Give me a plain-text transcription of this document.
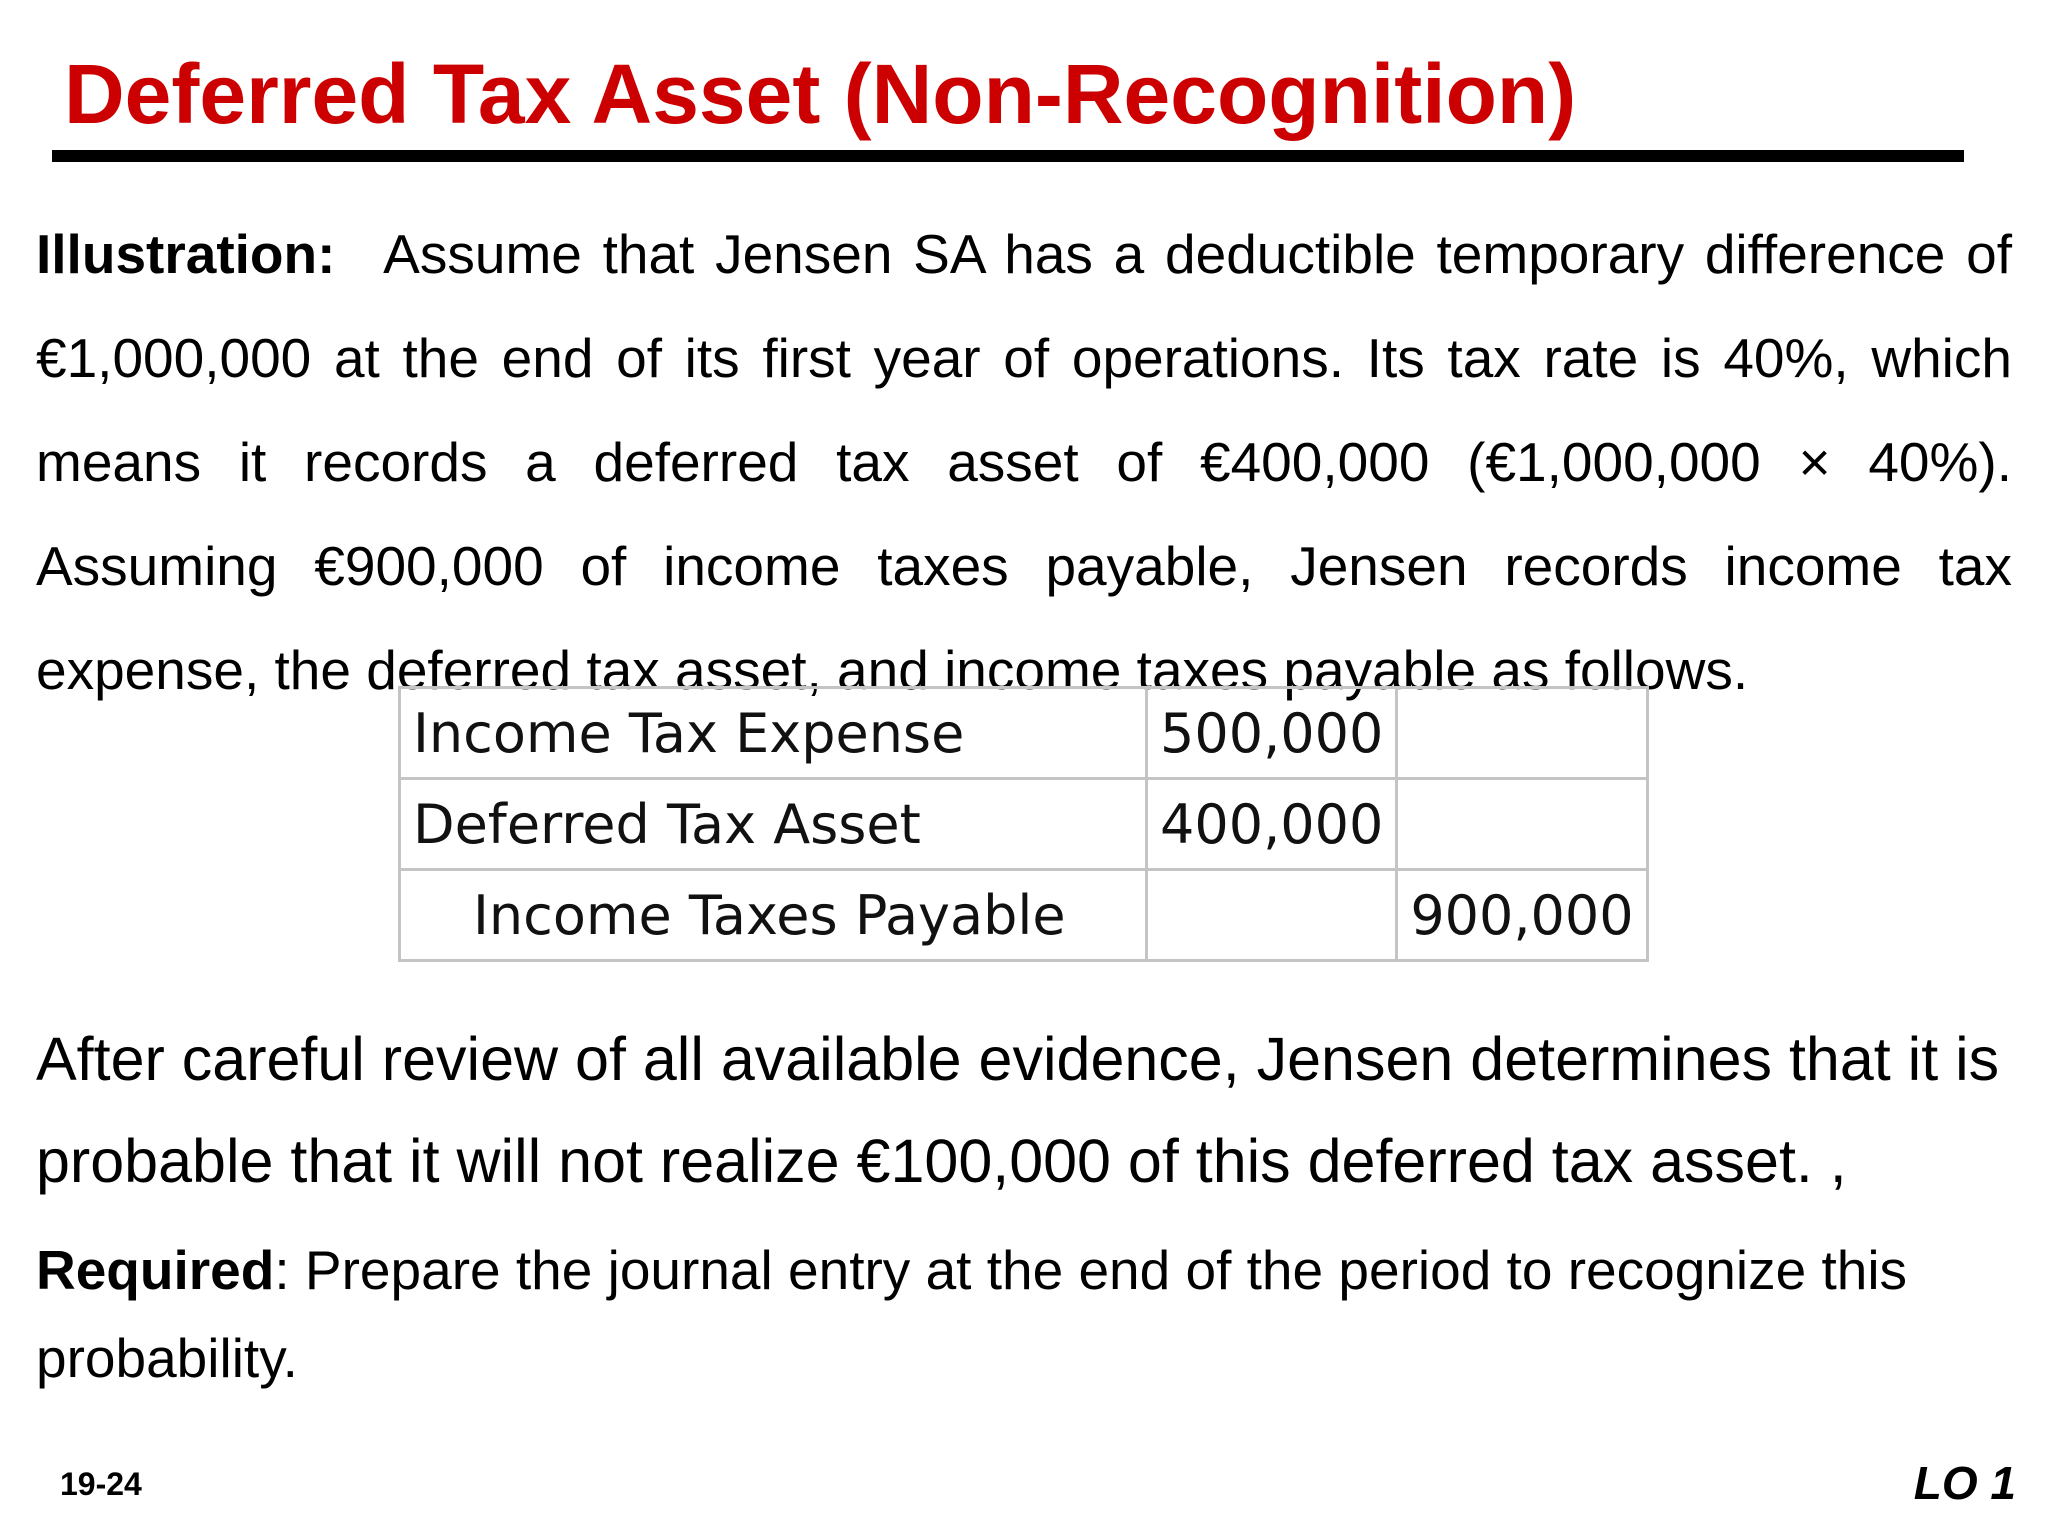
Deferred Tax Asset (Non-Recognition)
Illustration: Assume that Jensen SA has a deductible temporary difference of €1,000,000 at the end of its first year of operations. Its tax rate is 40%, which means it records a deferred tax asset of €400,000 (€1,000,000 × 40%). Assuming €900,000 of income taxes payable, Jensen records income tax expense, the deferred tax asset, and income taxes payable as follows.
Income Tax Expense	500,000	
Deferred Tax Asset	400,000	
Income Taxes Payable		900,000
After careful review of all available evidence, Jensen determines that it is probable that it will not realize €100,000 of this deferred tax asset. ,
Required: Prepare the journal entry at the end of the period to recognize this probability.
19-24	LO 1
